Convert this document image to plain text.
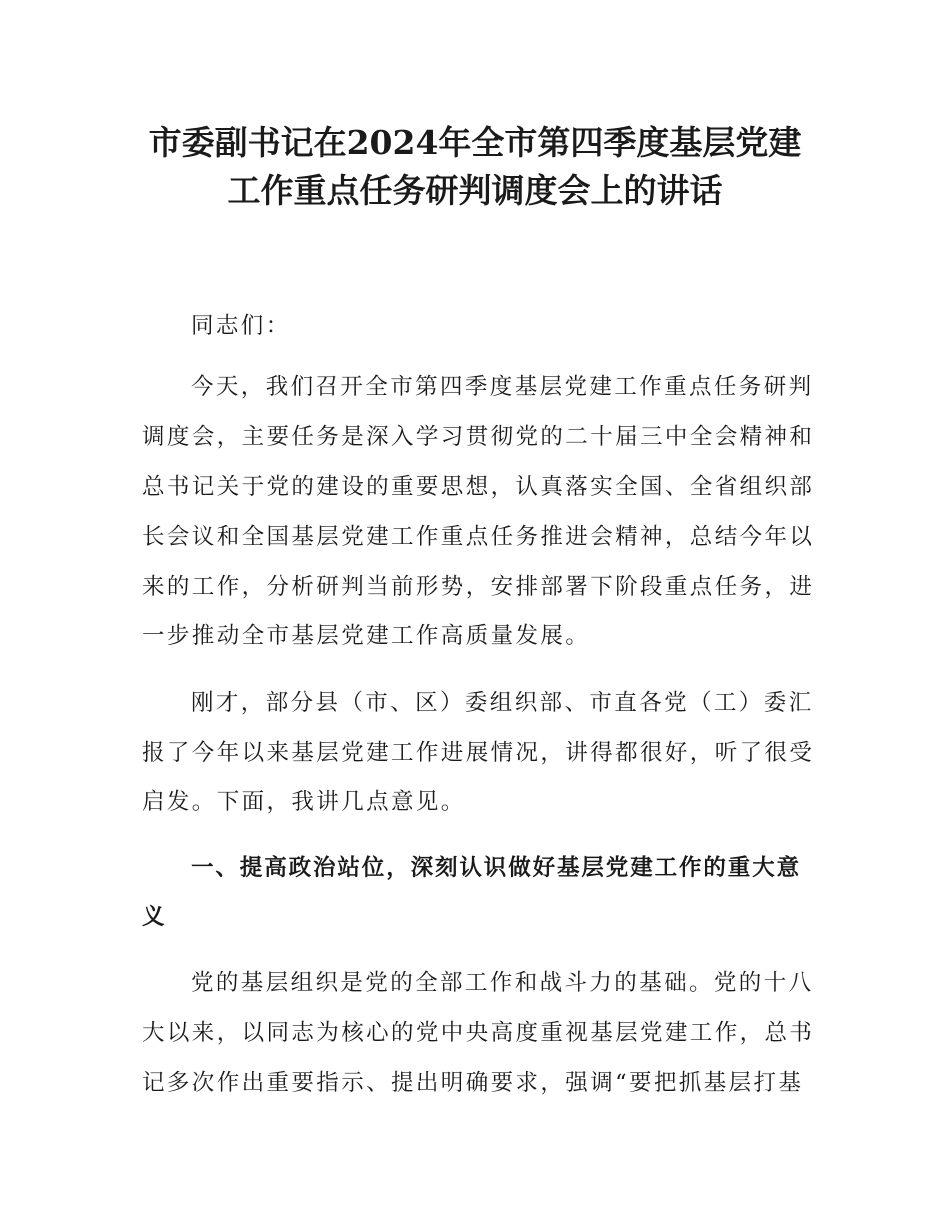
市委副书记在2024年全市第四季度基层党建
工作重点任务研判调度会上的讲话

同志们：

今天，我们召开全市第四季度基层党建工作重点任务研判

调度会，主要任务是深入学习贯彻党的二十届三中全会精神和

总书记关于党的建设的重要思想，认真落实全国、全省组织部

长会议和全国基层党建工作重点任务推进会精神，总结今年以

来的工作，分析研判当前形势，安排部署下阶段重点任务，进

一步推动全市基层党建工作高质量发展。

刚才，部分县（市、区）委组织部、市直各党（工）委汇

报了今年以来基层党建工作进展情况，讲得都很好，听了很受

启发。下面，我讲几点意见。

一、提高政治站位，深刻认识做好基层党建工作的重大意

义

党的基层组织是党的全部工作和战斗力的基础。党的十八

大以来，以同志为核心的党中央高度重视基层党建工作，总书

记多次作出重要指示、提出明确要求，强调“要把抓基层打基
